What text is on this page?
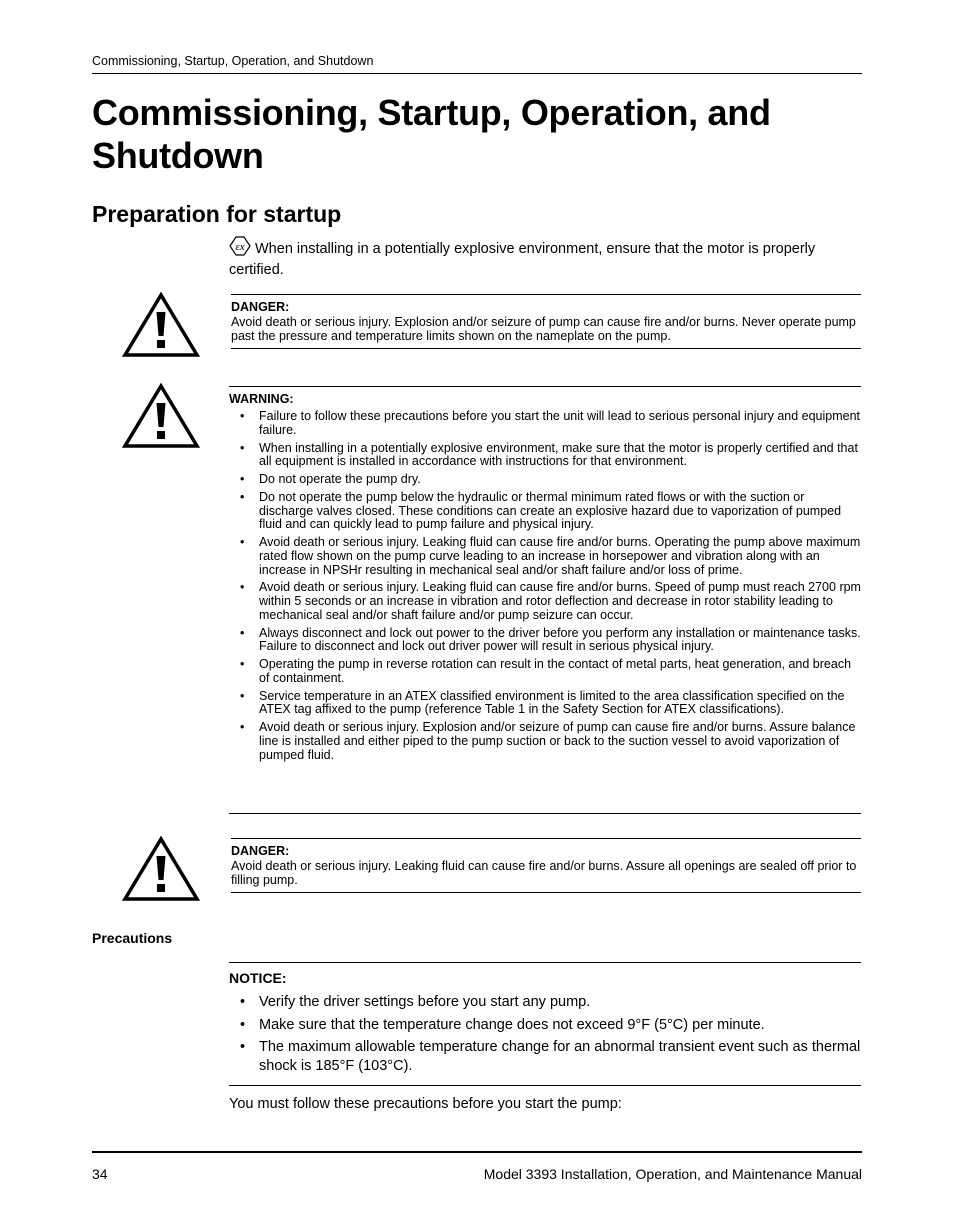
Commissioning, Startup, Operation, and Shutdown
Commissioning, Startup, Operation, and Shutdown
Preparation for startup
εx When installing in a potentially explosive environment, ensure that the motor is properly certified.
DANGER:
Avoid death or serious injury. Explosion and/or seizure of pump can cause fire and/or burns. Never operate pump past the pressure and temperature limits shown on the nameplate on the pump.
WARNING:
• Failure to follow these precautions before you start the unit will lead to serious personal injury and equipment failure.
• When installing in a potentially explosive environment, make sure that the motor is properly certified and that all equipment is installed in accordance with instructions for that environment.
• Do not operate the pump dry.
• Do not operate the pump below the hydraulic or thermal minimum rated flows or with the suction or discharge valves closed. These conditions can create an explosive hazard due to vaporization of pumped fluid and can quickly lead to pump failure and physical injury.
• Avoid death or serious injury. Leaking fluid can cause fire and/or burns. Operating the pump above maximum rated flow shown on the pump curve leading to an increase in horsepower and vibration along with an increase in NPSHr resulting in mechanical seal and/or shaft failure and/or loss of prime.
• Avoid death or serious injury. Leaking fluid can cause fire and/or burns. Speed of pump must reach 2700 rpm within 5 seconds or an increase in vibration and rotor deflection and decrease in rotor stability leading to mechanical seal and/or shaft failure and/or pump seizure can occur.
• Always disconnect and lock out power to the driver before you perform any installation or maintenance tasks. Failure to disconnect and lock out driver power will result in serious physical injury.
• Operating the pump in reverse rotation can result in the contact of metal parts, heat generation, and breach of containment.
• Service temperature in an ATEX classified environment is limited to the area classification specified on the ATEX tag affixed to the pump (reference Table 1 in the Safety Section for ATEX classifications).
• Avoid death or serious injury. Explosion and/or seizure of pump can cause fire and/or burns. Assure balance line is installed and either piped to the pump suction or back to the suction vessel to avoid vaporization of pumped fluid.
DANGER:
Avoid death or serious injury. Leaking fluid can cause fire and/or burns. Assure all openings are sealed off prior to filling pump.
Precautions
NOTICE:
• Verify the driver settings before you start any pump.
• Make sure that the temperature change does not exceed 9°F (5°C) per minute.
• The maximum allowable temperature change for an abnormal transient event such as thermal shock is 185°F (103°C).
You must follow these precautions before you start the pump:
34	Model 3393 Installation, Operation, and Maintenance Manual
